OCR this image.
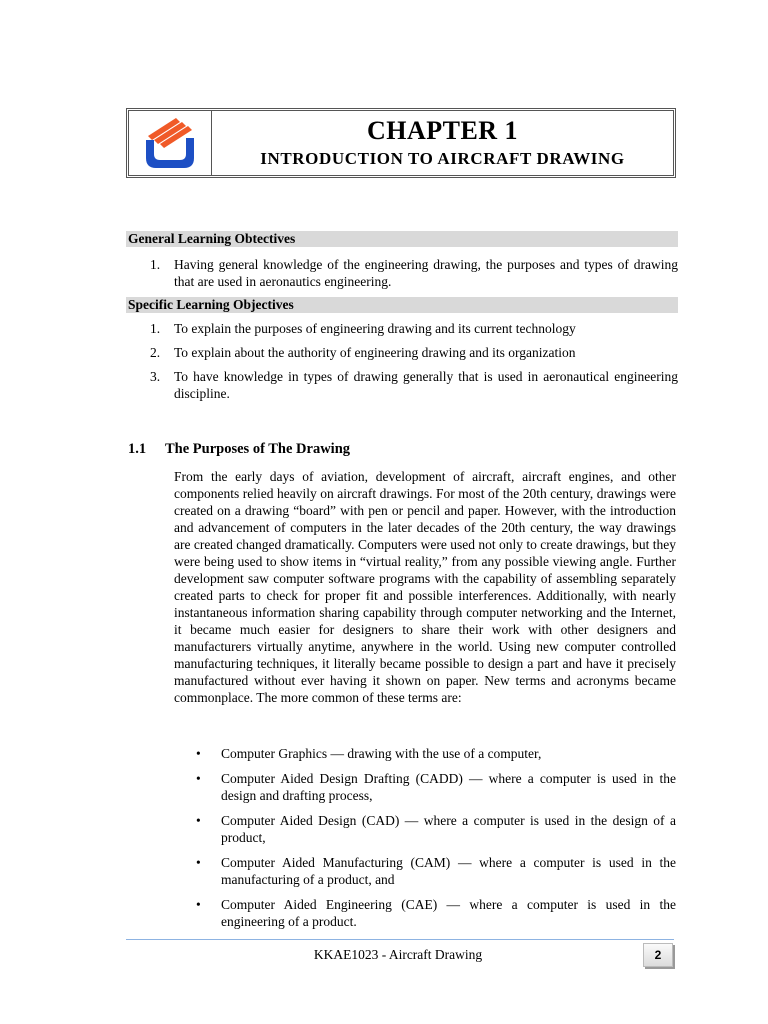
CHAPTER 1
INTRODUCTION TO AIRCRAFT DRAWING
General Learning Obtectives
1.	Having general knowledge of the engineering drawing, the purposes and types of drawing that are used in aeronautics engineering.
Specific Learning Objectives
1.	To explain the purposes of engineering drawing and its current technology
2.	To explain about the authority of engineering drawing and its organization
3.	To have knowledge in types of drawing generally that is used in aeronautical engineering discipline.
1.1 The Purposes of The Drawing

From the early days of aviation, development of aircraft, aircraft engines, and other components relied heavily on aircraft drawings. For most of the 20th century, drawings were created on a drawing “board” with pen or pencil and paper. However, with the introduction and advancement of computers in the later decades of the 20th century, the way drawings are created changed dramatically. Computers were used not only to create drawings, but they were being used to show items in “virtual reality,” from any possible viewing angle. Further development saw computer software programs with the capability of assembling separately created parts to check for proper fit and possible interferences. Additionally, with nearly instantaneous information sharing capability through computer networking and the Internet, it became much easier for designers to share their work with other designers and manufacturers virtually anytime, anywhere in the world. Using new computer controlled manufacturing techniques, it literally became possible to design a part and have it precisely manufactured without ever having it shown on paper. New terms and acronyms became commonplace. The more common of these terms are:

•	Computer Graphics — drawing with the use of a computer,
•	Computer Aided Design Drafting (CADD) — where a computer is used in the design and drafting process,
•	Computer Aided Design (CAD) — where a computer is used in the design of a product,
•	Computer Aided Manufacturing (CAM) — where a computer is used in the manufacturing of a product, and
•	Computer Aided Engineering (CAE) — where a computer is used in the engineering of a product.
KKAE1023 - Aircraft Drawing	2
